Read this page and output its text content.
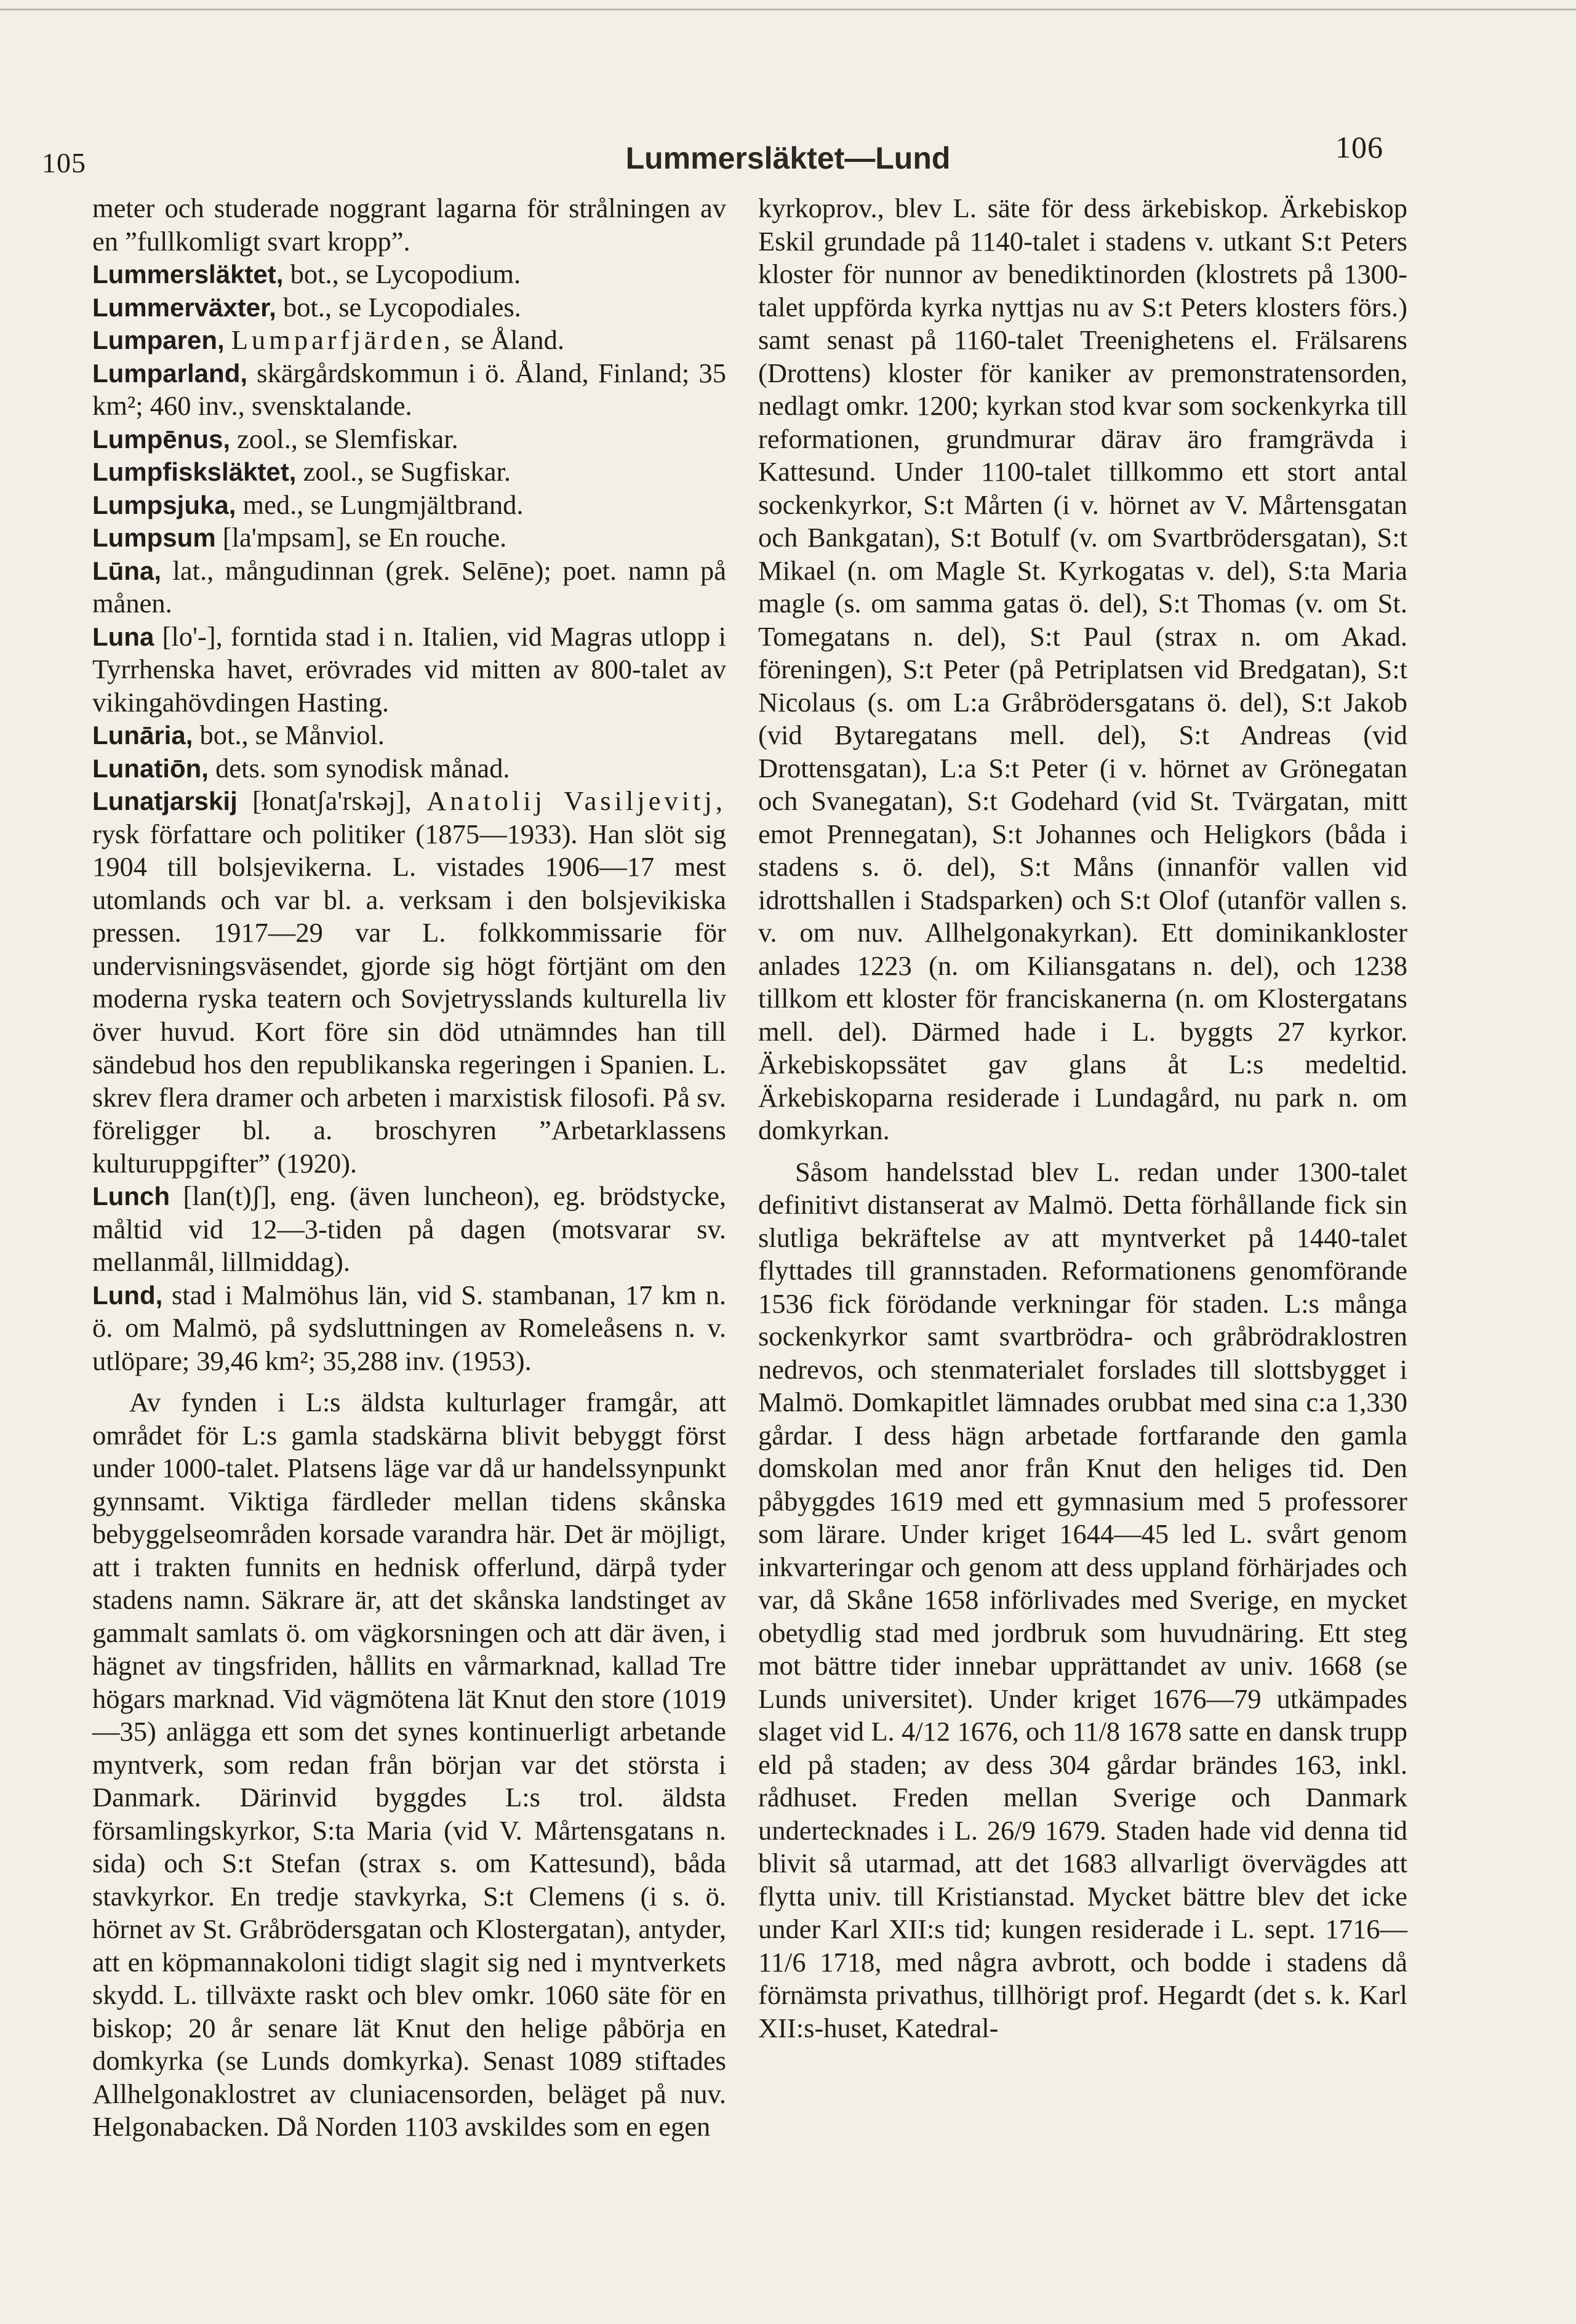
105	Lummersläktet—Lund	106

meter och studerade noggrant lagarna för strålningen av en ”fullkomligt svart kropp”.

Lummersläktet, bot., se Lycopodium.

Lummerväxter, bot., se Lycopodiales.

Lumparen, Lumparfjärden, se Åland.

Lumparland, skärgårdskommun i ö. Åland, Finland; 35 km²; 460 inv., svensktalande.

Lumpēnus, zool., se Slemfiskar.

Lumpfisksläktet, zool., se Sugfiskar.

Lumpsjuka, med., se Lungmjältbrand.

Lumpsum [la'mpsam], se En rouche.

Lūna, lat., mångudinnan (grek. Selēne); poet. namn på månen.

Luna [lo'-], forntida stad i n. Italien, vid Magras utlopp i Tyrrhenska havet, erövrades vid mitten av 800-talet av vikingahövdingen Hasting.

Lunāria, bot., se Månviol.

Lunatiōn, dets. som synodisk månad.

Lunatjarskij [łonatʃa'rskəj], Anatolij Vasiljevitj, rysk författare och politiker (1875—1933). Han slöt sig 1904 till bolsjevikerna. L. vistades 1906—17 mest utomlands och var bl. a. verksam i den bolsjevikiska pressen. 1917—29 var L. folkkommissarie för undervisningsväsendet, gjorde sig högt förtjänt om den moderna ryska teatern och Sovjetrysslands kulturella liv över huvud. Kort före sin död utnämndes han till sändebud hos den republikanska regeringen i Spanien. L. skrev flera dramer och arbeten i marxistisk filosofi. På sv. föreligger bl. a. broschyren ”Arbetarklassens kulturuppgifter” (1920).

Lunch [lan(t)ʃ], eng. (även luncheon), eg. brödstycke, måltid vid 12—3-tiden på dagen (motsvarar sv. mellanmål, lillmiddag).

Lund, stad i Malmöhus län, vid S. stambanan, 17 km n. ö. om Malmö, på sydsluttningen av Romeleåsens n. v. utlöpare; 39,46 km²; 35,288 inv. (1953).

Av fynden i L:s äldsta kulturlager framgår, att området för L:s gamla stadskärna blivit bebyggt först under 1000-talet. Platsens läge var då ur handelssynpunkt gynnsamt. Viktiga färdleder mellan tidens skånska bebyggelseområden korsade varandra här. Det är möjligt, att i trakten funnits en hednisk offerlund, därpå tyder stadens namn. Säkrare är, att det skånska landstinget av gammalt samlats ö. om vägkorsningen och att där även, i hägnet av tingsfriden, hållits en vårmarknad, kallad Tre högars marknad. Vid vägmötena lät Knut den store (1019—35) anlägga ett som det synes kontinuerligt arbetande myntverk, som redan från början var det största i Danmark. Därinvid byggdes L:s trol. äldsta församlingskyrkor, S:ta Maria (vid V. Mårtensgatans n. sida) och S:t Stefan (strax s. om Kattesund), båda stavkyrkor. En tredje stavkyrka, S:t Clemens (i s. ö. hörnet av St. Gråbrödersgatan och Klostergatan), antyder, att en köpmannakoloni tidigt slagit sig ned i myntverkets skydd. L. tillväxte raskt och blev omkr. 1060 säte för en biskop; 20 år senare lät Knut den helige påbörja en domkyrka (se Lunds domkyrka). Senast 1089 stiftades Allhelgonaklostret av cluniacensorden, beläget på nuv. Helgonabacken. Då Norden 1103 avskildes som en egen

kyrkoprov., blev L. säte för dess ärkebiskop. Ärkebiskop Eskil grundade på 1140-talet i stadens v. utkant S:t Peters kloster för nunnor av benediktinorden (klostrets på 1300-talet uppförda kyrka nyttjas nu av S:t Peters klosters förs.) samt senast på 1160-talet Treenighetens el. Frälsarens (Drottens) kloster för kaniker av premonstratensorden, nedlagt omkr. 1200; kyrkan stod kvar som sockenkyrka till reformationen, grundmurar därav äro framgrävda i Kattesund. Under 1100-talet tillkommo ett stort antal sockenkyrkor, S:t Mårten (i v. hörnet av V. Mårtensgatan och Bankgatan), S:t Botulf (v. om Svartbrödersgatan), S:t Mikael (n. om Magle St. Kyrkogatas v. del), S:ta Maria magle (s. om samma gatas ö. del), S:t Thomas (v. om St. Tomegatans n. del), S:t Paul (strax n. om Akad. föreningen), S:t Peter (på Petriplatsen vid Bredgatan), S:t Nicolaus (s. om L:a Gråbrödersgatans ö. del), S:t Jakob (vid Bytaregatans mell. del), S:t Andreas (vid Drottensgatan), L:a S:t Peter (i v. hörnet av Grönegatan och Svanegatan), S:t Godehard (vid St. Tvärgatan, mitt emot Prennegatan), S:t Johannes och Heligkors (båda i stadens s. ö. del), S:t Måns (innanför vallen vid idrottshallen i Stadsparken) och S:t Olof (utanför vallen s. v. om nuv. Allhelgonakyrkan). Ett dominikankloster anlades 1223 (n. om Kiliansgatans n. del), och 1238 tillkom ett kloster för franciskanerna (n. om Klostergatans mell. del). Därmed hade i L. byggts 27 kyrkor. Ärkebiskopssätet gav glans åt L:s medeltid. Ärkebiskoparna residerade i Lundagård, nu park n. om domkyrkan.

Såsom handelsstad blev L. redan under 1300-talet definitivt distanserat av Malmö. Detta förhållande fick sin slutliga bekräftelse av att myntverket på 1440-talet flyttades till grannstaden. Reformationens genomförande 1536 fick förödande verkningar för staden. L:s många sockenkyrkor samt svartbrödra- och gråbrödraklostren nedrevos, och stenmaterialet forslades till slottsbygget i Malmö. Domkapitlet lämnades orubbat med sina c:a 1,330 gårdar. I dess hägn arbetade fortfarande den gamla domskolan med anor från Knut den heliges tid. Den påbyggdes 1619 med ett gymnasium med 5 professorer som lärare. Under kriget 1644—45 led L. svårt genom inkvarteringar och genom att dess uppland förhärjades och var, då Skåne 1658 införlivades med Sverige, en mycket obetydlig stad med jordbruk som huvudnäring. Ett steg mot bättre tider innebar upprättandet av univ. 1668 (se Lunds universitet). Under kriget 1676—79 utkämpades slaget vid L. 4/12 1676, och 11/8 1678 satte en dansk trupp eld på staden; av dess 304 gårdar brändes 163, inkl. rådhuset. Freden mellan Sverige och Danmark undertecknades i L. 26/9 1679. Staden hade vid denna tid blivit så utarmad, att det 1683 allvarligt övervägdes att flytta univ. till Kristianstad. Mycket bättre blev det icke under Karl XII:s tid; kungen residerade i L. sept. 1716—11/6 1718, med några avbrott, och bodde i stadens då förnämsta privathus, tillhörigt prof. Hegardt (det s. k. Karl XII:s-huset, Katedral-
